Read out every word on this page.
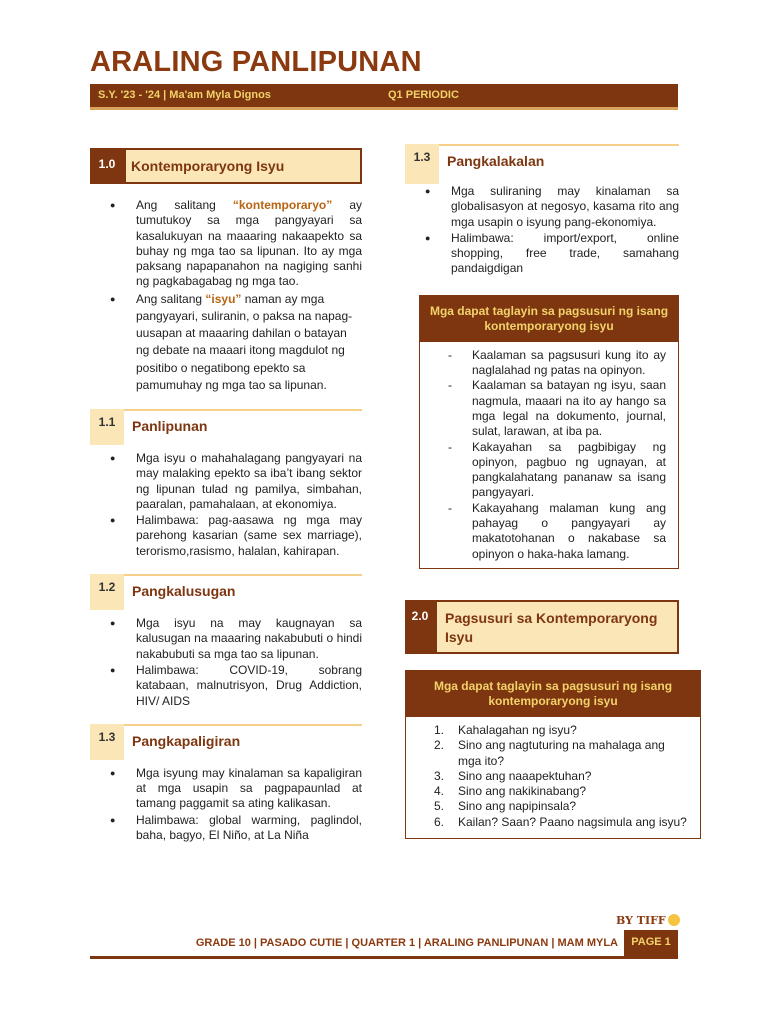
ARALING PANLIPUNAN
S.Y. '23 - '24 | Ma'am Myla Dignos	Q1 PERIODIC
1.0	Kontemporaryong Isyu
● Ang salitang “kontemporaryo” ay tumutukoy sa mga pangyayari sa kasalukuyan na maaaring nakaapekto sa buhay ng mga tao sa lipunan. Ito ay mga paksang napapanahon na nagiging sanhi ng pagkabagabag ng mga tao.
● Ang salitang “isyu” naman ay mga pangyayari, suliranin, o paksa na napag-uusapan at maaaring dahilan o batayan ng debate na maaari itong magdulot ng positibo o negatibong epekto sa pamumuhay ng mga tao sa lipunan.
1.1	Panlipunan
● Mga isyu o mahahalagang pangyayari na may malaking epekto sa iba’t ibang sektor ng lipunan tulad ng pamilya, simbahan, paaralan, pamahalaan, at ekonomiya.
● Halimbawa: pag-aasawa ng mga may parehong kasarian (same sex marriage), terorismo,rasismo, halalan, kahirapan.
1.2	Pangkalusugan
● Mga isyu na may kaugnayan sa kalusugan na maaaring nakabubuti o hindi nakabubuti sa mga tao sa lipunan.
● Halimbawa: COVID-19, sobrang katabaan, malnutrisyon, Drug Addiction, HIV/ AIDS
1.3	Pangkapaligiran
● Mga isyung may kinalaman sa kapaligiran at mga usapin sa pagpapaunlad at tamang paggamit sa ating kalikasan.
● Halimbawa: global warming, paglindol, baha, bagyo, El Niño, at La Niña
1.3	Pangkalakalan
● Mga suliraning may kinalaman sa globalisasyon at negosyo, kasama rito ang mga usapin o isyung pang-ekonomiya.
● Halimbawa: import/export, online shopping, free trade, samahang pandaigdigan
Mga dapat taglayin sa pagsusuri ng isang kontemporaryong isyu
- Kaalaman sa pagsusuri kung ito ay naglalahad ng patas na opinyon.
- Kaalaman sa batayan ng isyu, saan nagmula, maaari na ito ay hango sa mga legal na dokumento, journal, sulat, larawan, at iba pa.
- Kakayahan sa pagbibigay ng opinyon, pagbuo ng ugnayan, at pangkalahatang pananaw sa isang pangyayari.
- Kakayahang malaman kung ang pahayag o pangyayari ay makatotohanan o nakabase sa opinyon o haka-haka lamang.
2.0	Pagsusuri sa Kontemporaryong Isyu
Mga dapat taglayin sa pagsusuri ng isang kontemporaryong isyu
1. Kahalagahan ng isyu?
2. Sino ang nagtuturing na mahalaga ang mga ito?
3. Sino ang naaapektuhan?
4. Sino ang nakikinabang?
5. Sino ang napipinsala?
6. Kailan? Saan? Paano nagsimula ang isyu?
BY TIFF
GRADE 10 | PASADO CUTIE | QUARTER 1 | ARALING PANLIPUNAN | MAM MYLA	PAGE 1
